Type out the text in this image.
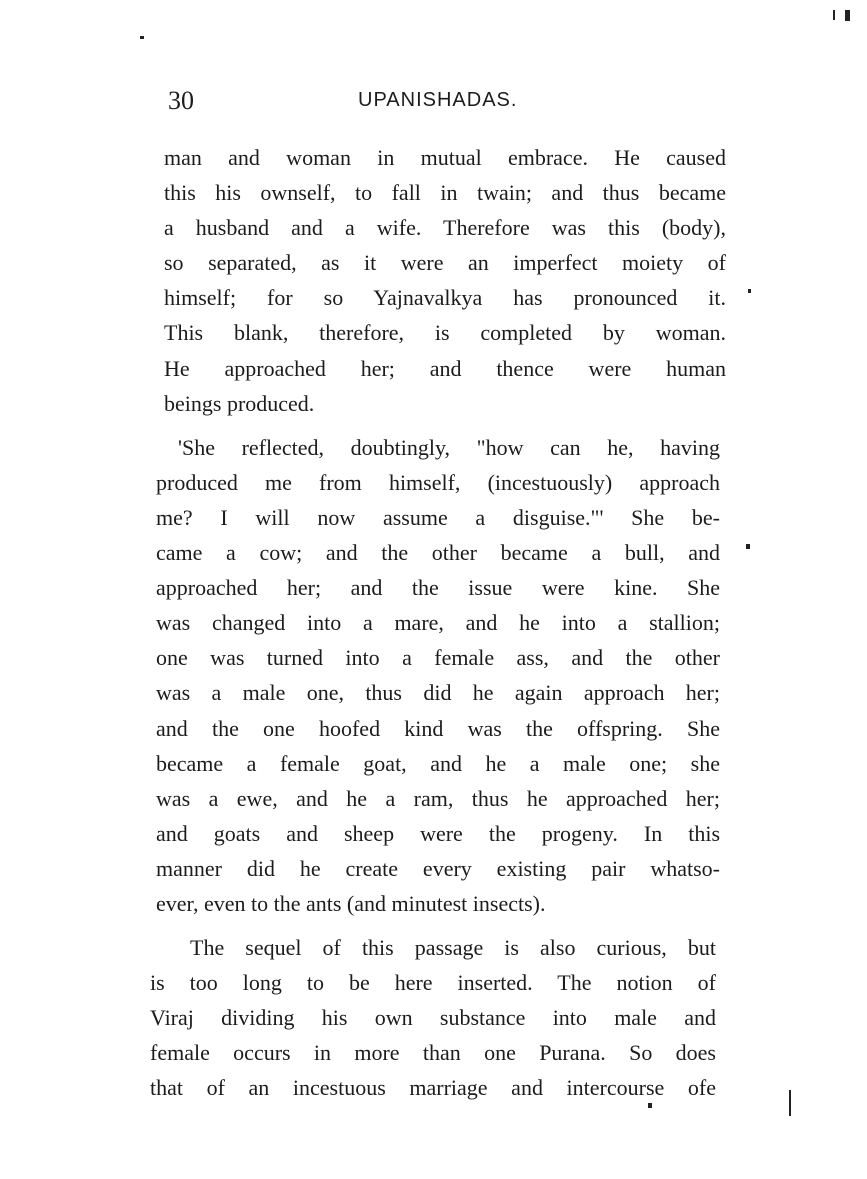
30	UPANISHADAS.

man and woman in mutual embrace. He caused
this his ownself, to fall in twain; and thus became
a husband and a wife. Therefore was this (body),
so separated, as it were an imperfect moiety of
himself; for so Yajnavalkya has pronounced it.
This blank, therefore, is completed by woman.
He approached her; and thence were human
beings produced.

'She reflected, doubtingly, "how can he, having
produced me from himself, (incestuously) approach
me? I will now assume a disguise."' She be-
came a cow; and the other became a bull, and
approached her; and the issue were kine. She
was changed into a mare, and he into a stallion;
one was turned into a female ass, and the other
was a male one, thus did he again approach her;
and the one hoofed kind was the offspring. She
became a female goat, and he a male one; she
was a ewe, and he a ram, thus he approached her;
and goats and sheep were the progeny. In this
manner did he create every existing pair whatso-
ever, even to the ants (and minutest insects).

The sequel of this passage is also curious, but
is too long to be here inserted. The notion of
Viraj dividing his own substance into male and
female occurs in more than one Purana. So does
that of an incestuous marriage and intercourse ofe
